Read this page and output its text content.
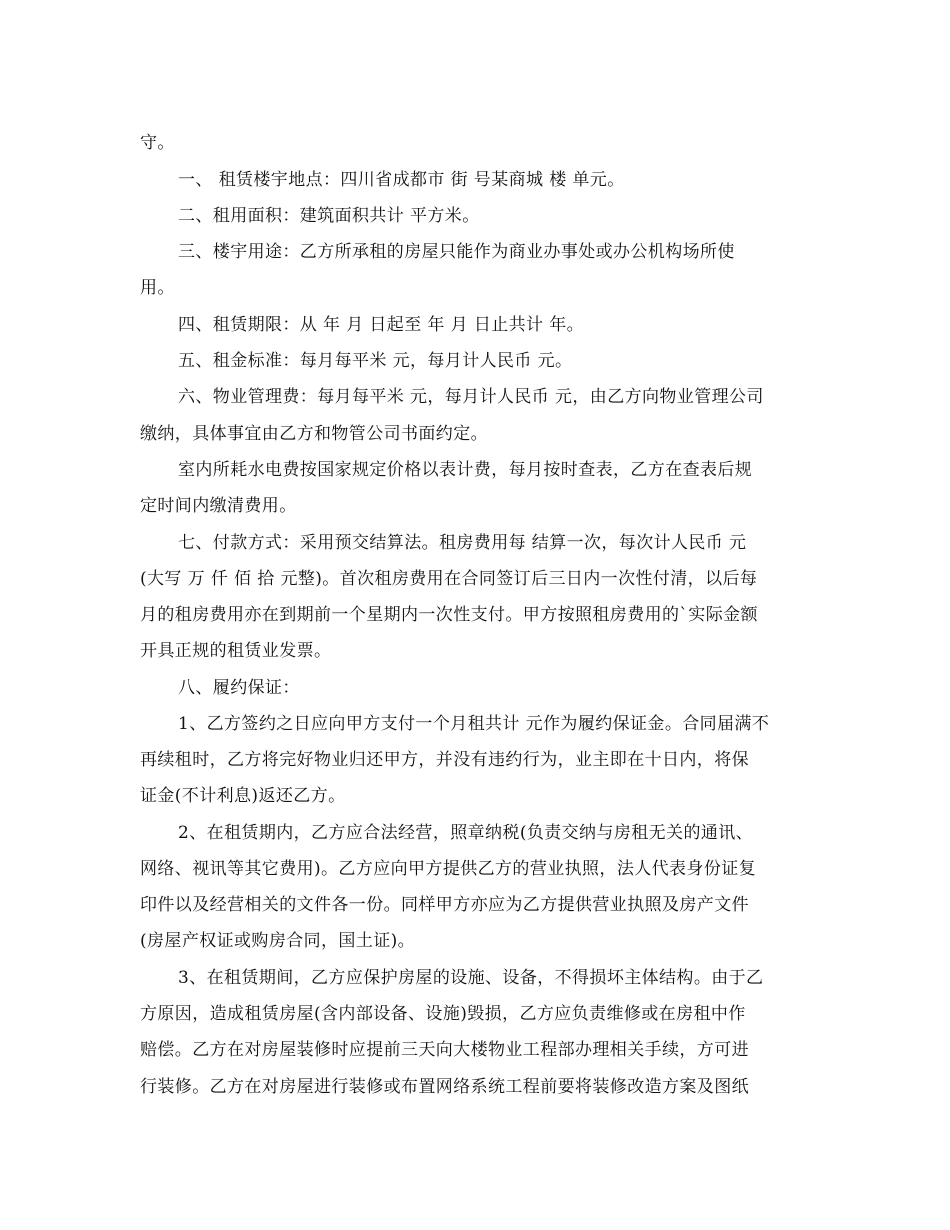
守。

一、 租赁楼宇地点：四川省成都市 街 号某商城 楼 单元。

二、租用面积：建筑面积共计 平方米。

三、楼宇用途：乙方所承租的房屋只能作为商业办事处或办公机构场所使

用。

四、租赁期限：从 年 月 日起至 年 月 日止共计 年。

五、租金标准：每月每平米 元，每月计人民币 元。

六、物业管理费：每月每平米 元，每月计人民币 元，由乙方向物业管理公司

缴纳，具体事宜由乙方和物管公司书面约定。

室内所耗水电费按国家规定价格以表计费，每月按时查表，乙方在查表后规

定时间内缴清费用。

七、付款方式：采用预交结算法。租房费用每 结算一次，每次计人民币 元

(大写 万 仟 佰 拾 元整)。首次租房费用在合同签订后三日内一次性付清，以后每

月的租房费用亦在到期前一个星期内一次性支付。甲方按照租房费用的`实际金额

开具正规的租赁业发票。

八、履约保证：

1、乙方签约之日应向甲方支付一个月租共计 元作为履约保证金。合同届满不

再续租时，乙方将完好物业归还甲方，并没有违约行为，业主即在十日内，将保

证金(不计利息)返还乙方。

2、在租赁期内，乙方应合法经营，照章纳税(负责交纳与房租无关的通讯、

网络、视讯等其它费用)。乙方应向甲方提供乙方的营业执照，法人代表身份证复

印件以及经营相关的文件各一份。同样甲方亦应为乙方提供营业执照及房产文件

(房屋产权证或购房合同，国土证)。

3、在租赁期间，乙方应保护房屋的设施、设备，不得损坏主体结构。由于乙

方原因，造成租赁房屋(含内部设备、设施)毁损，乙方应负责维修或在房租中作

赔偿。乙方在对房屋装修时应提前三天向大楼物业工程部办理相关手续，方可进

行装修。乙方在对房屋进行装修或布置网络系统工程前要将装修改造方案及图纸
